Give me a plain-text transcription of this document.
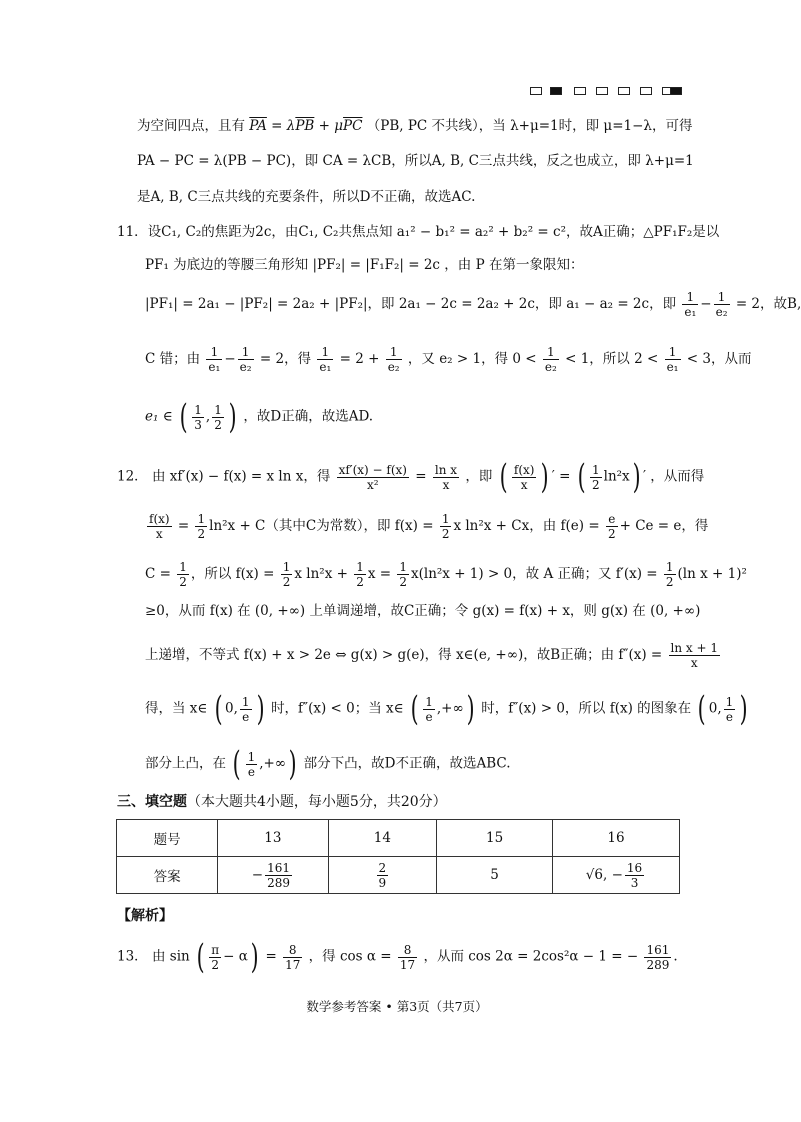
为空间四点，且有 $\overline{PA} = \lambda\overline{PB} + \mu\overline{PC}$ （PB, PC 不共线），当 λ+μ=1时，即 μ=1−λ，可得
PA − PC = λ(PB − PC)，即 CA = λCB，所以A, B, C三点共线，反之也成立，即 λ+μ=1
是A, B, C三点共线的充要条件，所以D不正确，故选AC.
11．设C₁, C₂的焦距为2c，由C₁, C₂共焦点知 a₁² − b₁² = a₂² + b₂² = c²，故A正确；△PF₁F₂是以
PF₁ 为底边的等腰三角形知 |PF₂| = |F₁F₂| = 2c ，由 P 在第一象限知：
|PF₁| = 2a₁ − |PF₂| = 2a₂ + |PF₂|，即 2a₁ − 2c = 2a₂ + 2c，即 a₁ − a₂ = 2c，即 $\frac{1}{\text{e₁}} - \frac{1}{\text{e₂}} = 2$，故B,
C 错；由 $\frac{1}{\text{e₁}} - \frac{1}{\text{e₂}} = 2$，得 $\frac{1}{\text{e₁}} = 2 + \frac{1}{\text{e₂}}$ ，又 e₂ > 1，得 $0 < \frac{1}{\text{e₂}} < 1$，所以 $2 < \frac{1}{\text{e₁}} < 3$，从而
e₁ ∈ ( $\frac{1}{3}$ , $\frac{1}{2}$ ) ，故D正确，故选AD.
12． 由 xf′(x) − f(x) = x ln x，得 $\frac{xf'(x) - f(x)}{\text{x²}} = \frac{\text{ln x}}{x}$ ，即 ( $\frac{f(x)}{x}$ ) ′ = ( $\frac{1}{2} \ln^2x$) ′ ，从而得
$\frac{f(x)}{x} = \frac{1}{2} \ln^2x + C$（其中C为常数），即 $f(x) = \frac{1}{2}$ x ln²x + Cx，由 $f(e) = \frac{e}{2} + Ce = e$，得
$C = \frac{1}{2}$ ，所以 $f(x) = \frac{1}{2}$ x $\ln^2x + \frac{1}{2}$ $x = \frac{1}{2} x(\ln^2x + 1) > 0$，故 A 正确；又 $f'(x) = \frac{1}{2} (\ln$ x + 1)²
≥0，从而 f(x) 在 (0, +∞) 上单调递增，故C正确；令 g(x) = f(x) + x，则 g(x) 在 (0, +∞)
上递增，不等式 f(x) + x > 2e ⇔ g(x) > g(e)，得 x∈(e, +∞)，故B正确；由 $f''(x) = \frac{\text{ln x + 1}}{x}$
得，当 x∈ ( 0, $\frac{1}{e}$ ) 时，f″(x) < 0；当 x∈ ( $\frac{1}{e}$ ,+∞) 时，f″(x) > 0，所以 f(x) 的图象在 ( 0, $\frac{1}{e}$ )
部分上凸，在 ( $\frac{1}{e}$ ,+∞) 部分下凸，故D不正确，故选ABC.
三、填空题（本大题共4小题，每小题5分，共20分）
题号	13	14	15	16
答案	− $\frac{161}{289}$	$\frac{2}{9}$	5	√6, − $\frac{16}{3}$
【解析】
13． 由 sin ( $\frac{\pi}{2} - \alpha) = \frac{8}{17}$ ，得 $\cos \alpha = \frac{8}{17}$ ，从而 cos 2α = 2cos²α − 1 = − $\frac{161}{289}$ .
数学参考答案 • 第3页（共7页）
